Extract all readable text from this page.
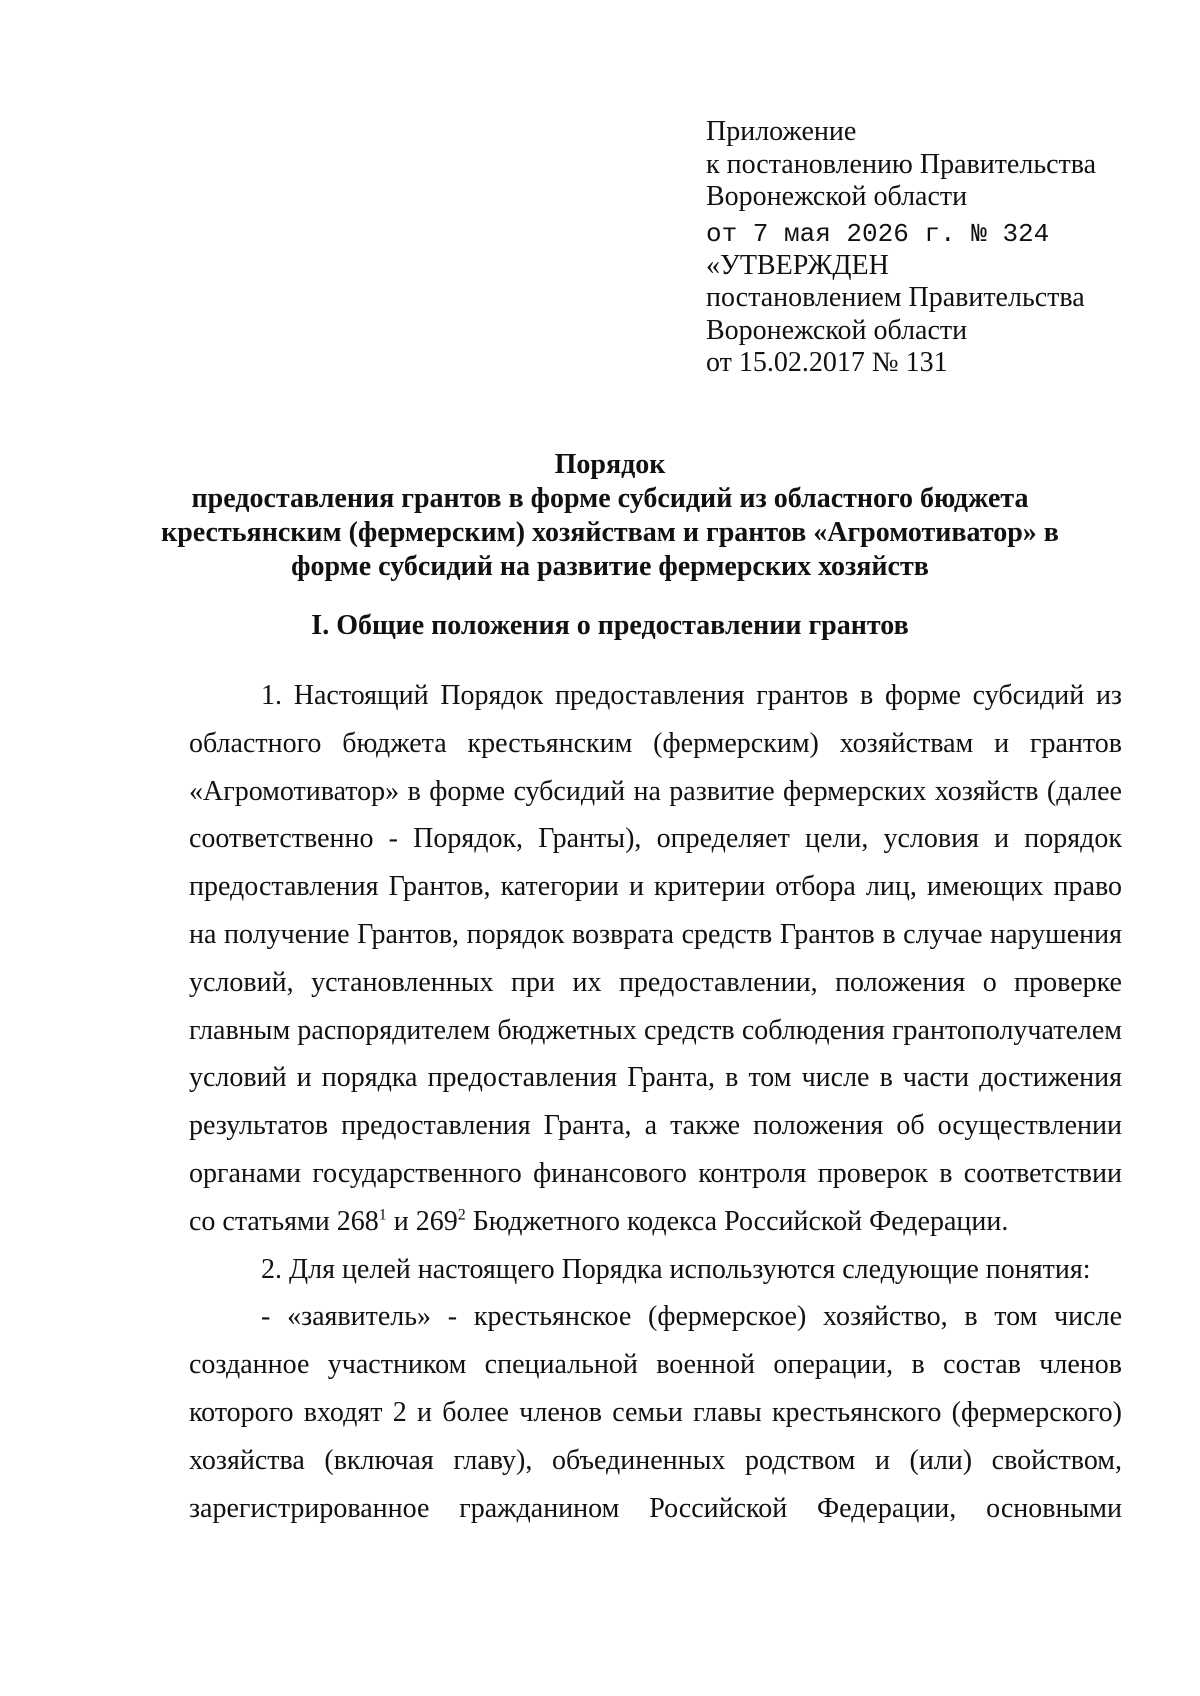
Приложение
к постановлению Правительства
Воронежской области
от 7 мая 2026 г. № 324
«УТВЕРЖДЕН
постановлением Правительства
Воронежской области
от 15.02.2017 № 131
Порядок
предоставления грантов в форме субсидий из областного бюджета
крестьянским (фермерским) хозяйствам и грантов «Агромотиватор» в
форме субсидий на развитие фермерских хозяйств
I. Общие положения о предоставлении грантов

1. Настоящий Порядок предоставления грантов в форме субсидий из областного бюджета крестьянским (фермерским) хозяйствам и грантов «Агромотиватор» в форме субсидий на развитие фермерских хозяйств (далее соответственно - Порядок, Гранты), определяет цели, условия и порядок предоставления Грантов, категории и критерии отбора лиц, имеющих право на получение Грантов, порядок возврата средств Грантов в случае нарушения условий, установленных при их предоставлении, положения о проверке главным распорядителем бюджетных средств соблюдения грантополучателем условий и порядка предоставления Гранта, в том числе в части достижения результатов предоставления Гранта, а также положения об осуществлении органами государственного финансового контроля проверок в соответствии со статьями $268^1$ и $269^2$ Бюджетного кодекса Российской Федерации.

2. Для целей настоящего Порядка используются следующие понятия:

- «заявитель» - крестьянское (фермерское) хозяйство, в том числе созданное участником специальной военной операции, в состав членов которого входят 2 и более членов семьи главы крестьянского (фермерского) хозяйства (включая главу), объединенных родством и (или) свойством, зарегистрированное гражданином Российской Федерации, основными
